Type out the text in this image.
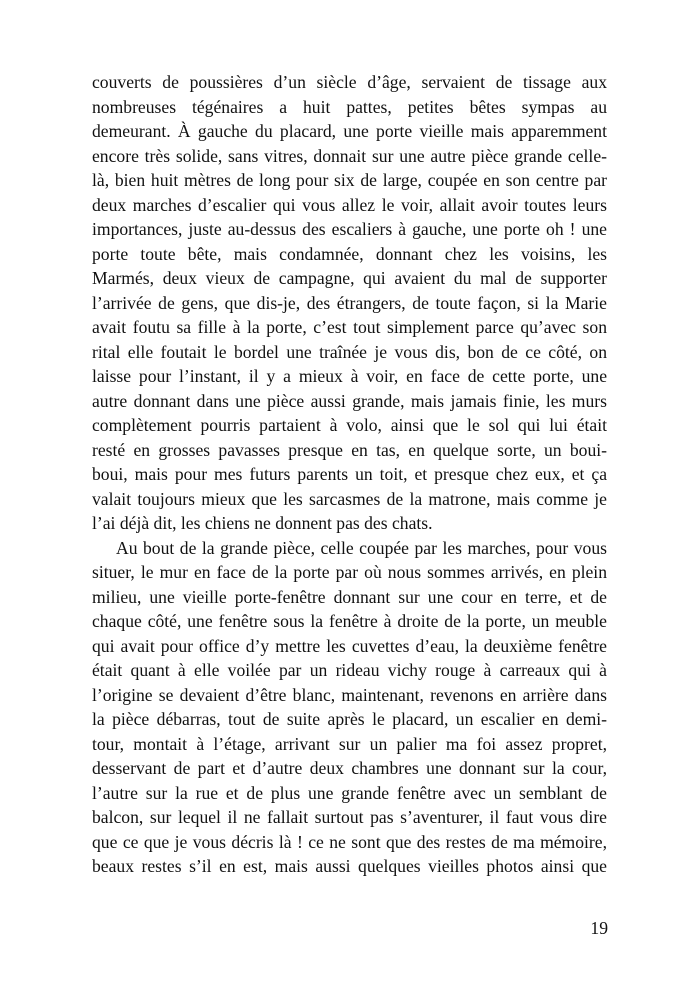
couverts de poussières d’un siècle d’âge, servaient de tissage aux
nombreuses tégénaires a huit pattes, petites bêtes sympas au
demeurant. À gauche du placard, une porte vieille mais apparemment
encore très solide, sans vitres, donnait sur une autre pièce grande celle-
là, bien huit mètres de long pour six de large, coupée en son centre par
deux marches d’escalier qui vous allez le voir, allait avoir toutes leurs
importances, juste au-dessus des escaliers à gauche, une porte oh ! une
porte toute bête, mais condamnée, donnant chez les voisins, les
Marmés, deux vieux de campagne, qui avaient du mal de supporter
l’arrivée de gens, que dis-je, des étrangers, de toute façon, si la Marie
avait foutu sa fille à la porte, c’est tout simplement parce qu’avec son
rital elle foutait le bordel une traînée je vous dis, bon de ce côté, on
laisse pour l’instant, il y a mieux à voir, en face de cette porte, une
autre donnant dans une pièce aussi grande, mais jamais finie, les murs
complètement pourris partaient à volo, ainsi que le sol qui lui était
resté en grosses pavasses presque en tas, en quelque sorte, un boui-
boui, mais pour mes futurs parents un toit, et presque chez eux, et ça
valait toujours mieux que les sarcasmes de la matrone, mais comme je
l’ai déjà dit, les chiens ne donnent pas des chats.
Au bout de la grande pièce, celle coupée par les marches, pour vous
situer, le mur en face de la porte par où nous sommes arrivés, en plein
milieu, une vieille porte-fenêtre donnant sur une cour en terre, et de
chaque côté, une fenêtre sous la fenêtre à droite de la porte, un meuble
qui avait pour office d’y mettre les cuvettes d’eau, la deuxième fenêtre
était quant à elle voilée par un rideau vichy rouge à carreaux qui à
l’origine se devaient d’être blanc, maintenant, revenons en arrière dans
la pièce débarras, tout de suite après le placard, un escalier en demi-
tour, montait à l’étage, arrivant sur un palier ma foi assez propret,
desservant de part et d’autre deux chambres une donnant sur la cour,
l’autre sur la rue et de plus une grande fenêtre avec un semblant de
balcon, sur lequel il ne fallait surtout pas s’aventurer, il faut vous dire
que ce que je vous décris là ! ce ne sont que des restes de ma mémoire,
beaux restes s’il en est, mais aussi quelques vieilles photos ainsi que
19
